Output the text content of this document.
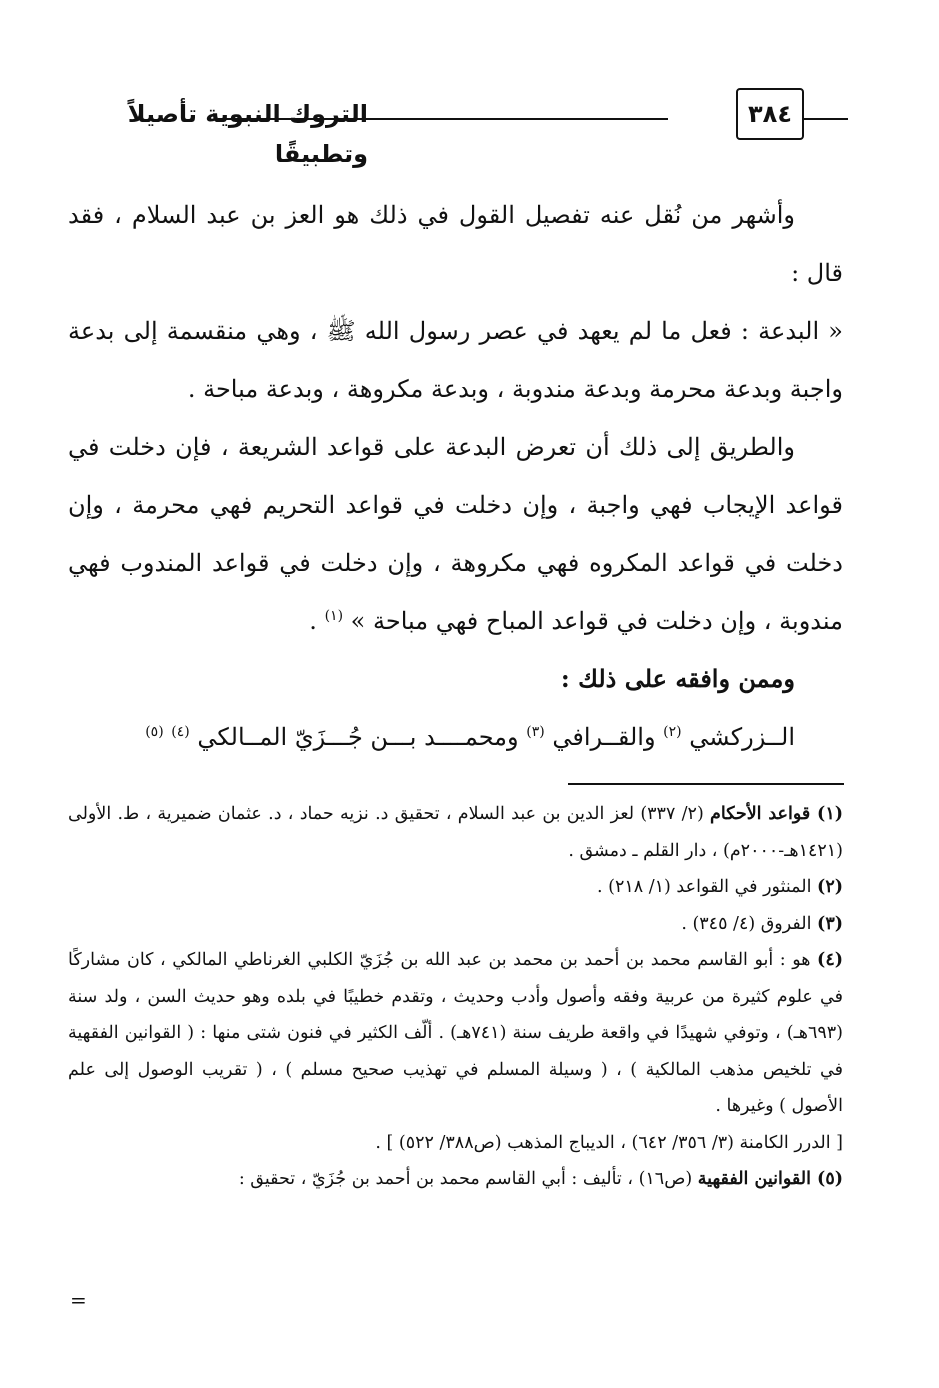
التروك النبوية تأصيلاً وتطبيقًا
٣٨٤

وأشهر من نُقل عنه تفصيل القول في ذلك هو العز بن عبد السلام ، فقد قال :

« البدعة : فعل ما لم يعهد في عصر رسول الله ﷺ ، وهي منقسمة إلى بدعة واجبة وبدعة محرمة وبدعة مندوبة ، وبدعة مكروهة ، وبدعة مباحة .

والطريق إلى ذلك أن تعرض البدعة على قواعد الشريعة ، فإن دخلت في قواعد الإيجاب فهي واجبة ، وإن دخلت في قواعد التحريم فهي محرمة ، وإن دخلت في قواعد المكروه فهي مكروهة ، وإن دخلت في قواعد المندوب فهي مندوبة ، وإن دخلت في قواعد المباح فهي مباحة » $^{(١)}$ .

وممن وافقه على ذلك :

الــزركشي $^{(٢)}$ والقــرافي $^{(٣)}$ ومحمــــد بـــن جُـــزَيّ المــالكي $^{(٤)}$ $^{(٥)}$

(١) قواعد الأحكام (٢/ ٣٣٧) لعز الدين بن عبد السلام ، تحقيق د. نزيه حماد ، د. عثمان ضميرية ، ط. الأولى (١٤٢١هـ-٢٠٠٠م) ، دار القلم ـ دمشق .

(٢) المنثور في القواعد (١/ ٢١٨) .

(٣) الفروق (٤/ ٣٤٥) .

(٤) هو : أبو القاسم محمد بن أحمد بن محمد بن عبد الله بن جُزَيّ الكلبي الغرناطي المالكي ، كان مشاركًا في علوم كثيرة من عربية وفقه وأصول وأدب وحديث ، وتقدم خطيبًا في بلده وهو حديث السن ، ولد سنة (٦٩٣هـ) ، وتوفي شهيدًا في واقعة طريف سنة (٧٤١هـ) . ألّف الكثير في فنون شتى منها : ( القوانين الفقهية في تلخيص مذهب المالكية ) ، ( وسيلة المسلم في تهذيب صحيح مسلم ) ، ( تقريب الوصول إلى علم الأصول ) وغيرها .

[ الدرر الكامنة (٣/ ٣٥٦/ ٦٤٢) ، الديباج المذهب (ص٣٨٨/ ٥٢٢) ] .

(٥) القوانين الفقهية (ص١٦) ، تأليف : أبي القاسم محمد بن أحمد بن جُزَيّ ، تحقيق :

=
